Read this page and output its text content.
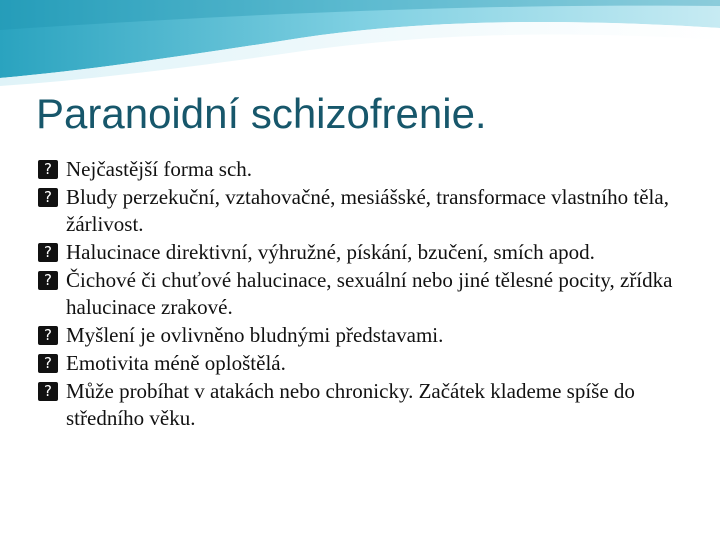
Paranoidní schizofrenie.
? Nejčastější forma sch.
? Bludy perzekuční, vztahovačné, mesiášské, transformace vlastního těla, žárlivost.
? Halucinace direktivní, výhružné, pískání, bzučení, smích apod.
? Čichové či chuťové halucinace, sexuální nebo jiné tělesné pocity, zřídka halucinace zrakové.
? Myšlení je ovlivněno bludnými představami.
? Emotivita méně oploštělá.
? Může probíhat v atakách nebo chronicky. Začátek klademe spíše do středního věku.
